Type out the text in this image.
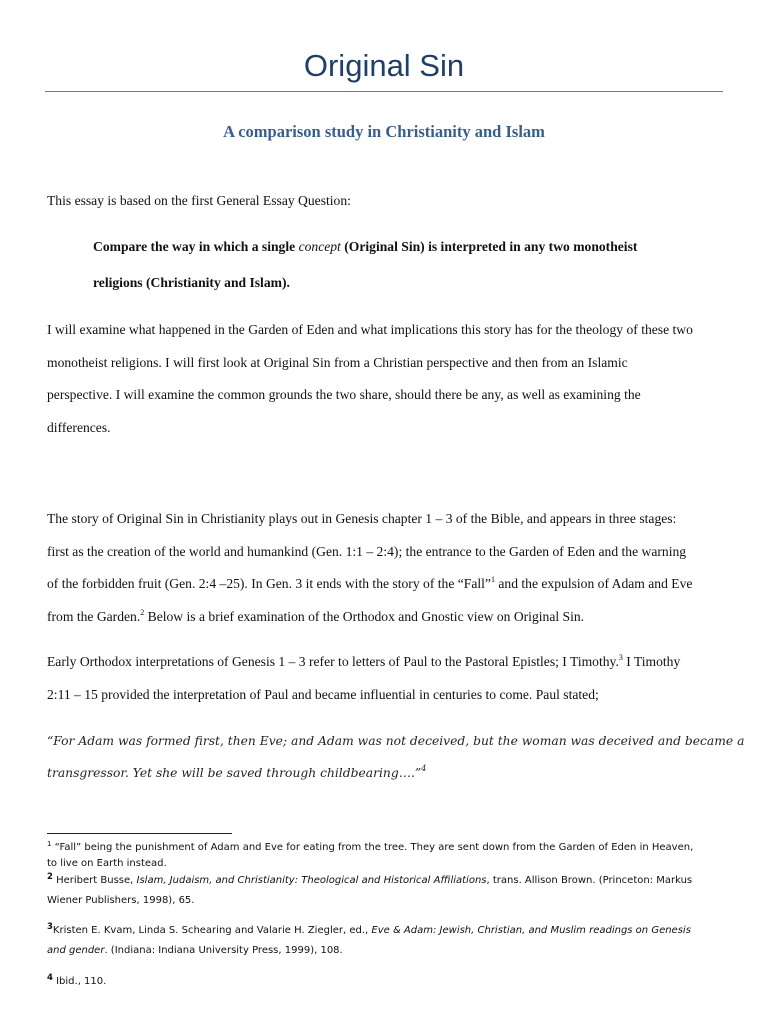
Original Sin
A comparison study in Christianity and Islam
This essay is based on the first General Essay Question:
Compare the way in which a single concept (Original Sin) is interpreted in any two monotheist
religions (Christianity and Islam).
I will examine what happened in the Garden of Eden and what implications this story has for the theology of these two
monotheist religions. I will first look at Original Sin from a Christian perspective and then from an Islamic
perspective. I will examine the common grounds the two share, should there be any, as well as examining the
differences.
The story of Original Sin in Christianity plays out in Genesis chapter 1 – 3 of the Bible, and appears in three stages:
first as the creation of the world and humankind (Gen. 1:1 – 2:4); the entrance to the Garden of Eden and the warning
of the forbidden fruit (Gen. 2:4 –25). In Gen. 3 it ends with the story of the “Fall”$^1$ and the expulsion of Adam and Eve
from the Garden.$^2$ Below is a brief examination of the Orthodox and Gnostic view on Original Sin.
Early Orthodox interpretations of Genesis 1 – 3 refer to letters of Paul to the Pastoral Epistles; I Timothy.$^3$ I Timothy
2:11 – 15 provided the interpretation of Paul and became influential in centuries to come. Paul stated;
“For Adam was formed first, then Eve; and Adam was not deceived, but the woman was deceived and became a
transgressor. Yet she will be saved through childbearing….”$^4$
$^1$ “Fall” being the punishment of Adam and Eve for eating from the tree. They are sent down from the Garden of Eden in Heaven,
to live on Earth instead.
$^2$ Heribert Busse, Islam, Judaism, and Christianity: Theological and Historical Affiliations, trans. Allison Brown. (Princeton: Markus
Wiener Publishers, 1998), 65.
$^3$Kristen E. Kvam, Linda S. Schearing and Valarie H. Ziegler, ed., Eve & Adam: Jewish, Christian, and Muslim readings on Genesis
and gender. (Indiana: Indiana University Press, 1999), 108.
$^4$ Ibid., 110.
